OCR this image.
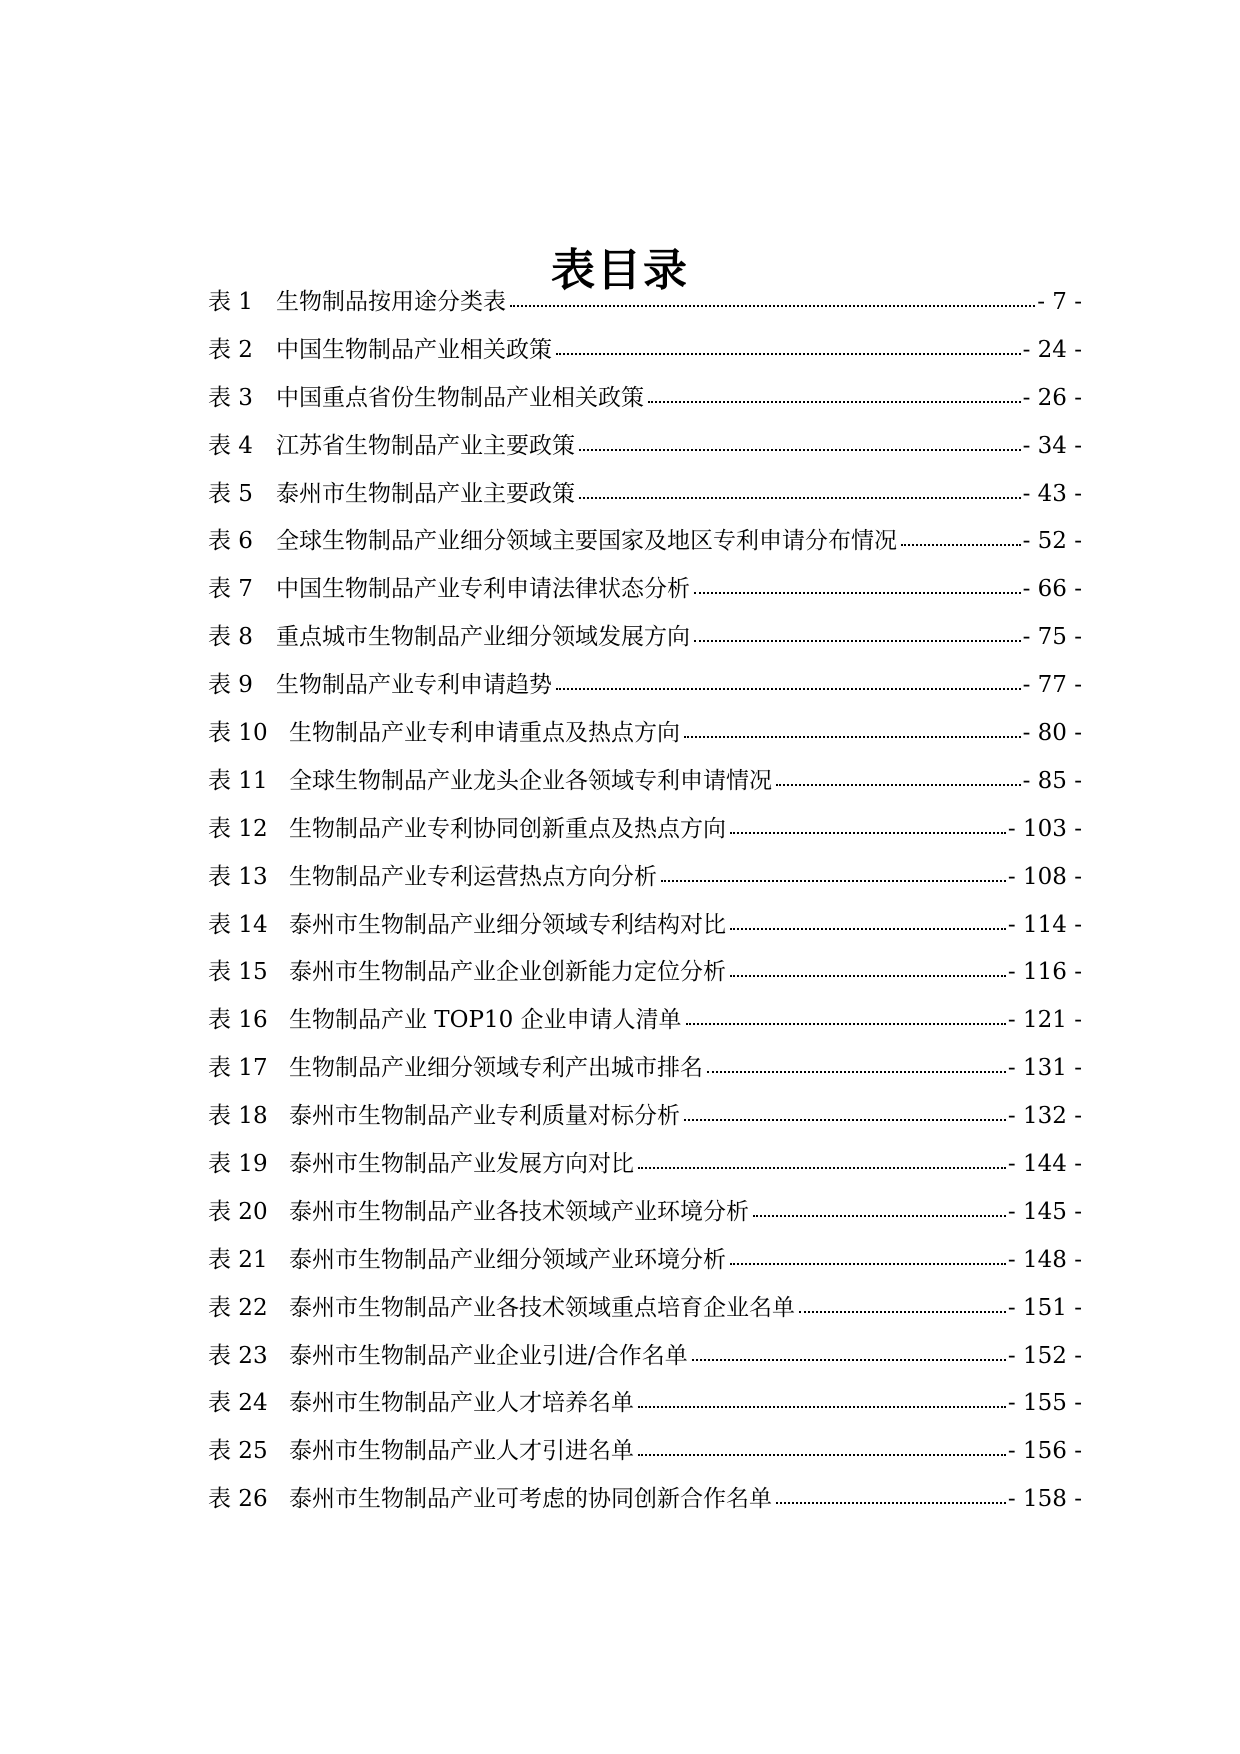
表目录
表 1	生物制品按用途分类表	- 7 -
表 2	中国生物制品产业相关政策	- 24 -
表 3	中国重点省份生物制品产业相关政策	- 26 -
表 4	江苏省生物制品产业主要政策	- 34 -
表 5	泰州市生物制品产业主要政策	- 43 -
表 6	全球生物制品产业细分领域主要国家及地区专利申请分布情况	- 52 -
表 7	中国生物制品产业专利申请法律状态分析	- 66 -
表 8	重点城市生物制品产业细分领域发展方向	- 75 -
表 9	生物制品产业专利申请趋势	- 77 -
表 10 生物制品产业专利申请重点及热点方向	- 80 -
表 11 全球生物制品产业龙头企业各领域专利申请情况	- 85 -
表 12 生物制品产业专利协同创新重点及热点方向	- 103 -
表 13 生物制品产业专利运营热点方向分析	- 108 -
表 14 泰州市生物制品产业细分领域专利结构对比	- 114 -
表 15 泰州市生物制品产业企业创新能力定位分析	- 116 -
表 16 生物制品产业 TOP10 企业申请人清单	- 121 -
表 17 生物制品产业细分领域专利产出城市排名	- 131 -
表 18 泰州市生物制品产业专利质量对标分析	- 132 -
表 19 泰州市生物制品产业发展方向对比	- 144 -
表 20 泰州市生物制品产业各技术领域产业环境分析	- 145 -
表 21 泰州市生物制品产业细分领域产业环境分析	- 148 -
表 22 泰州市生物制品产业各技术领域重点培育企业名单	- 151 -
表 23 泰州市生物制品产业企业引进/合作名单	- 152 -
表 24 泰州市生物制品产业人才培养名单	- 155 -
表 25 泰州市生物制品产业人才引进名单	- 156 -
表 26 泰州市生物制品产业可考虑的协同创新合作名单	- 158 -
